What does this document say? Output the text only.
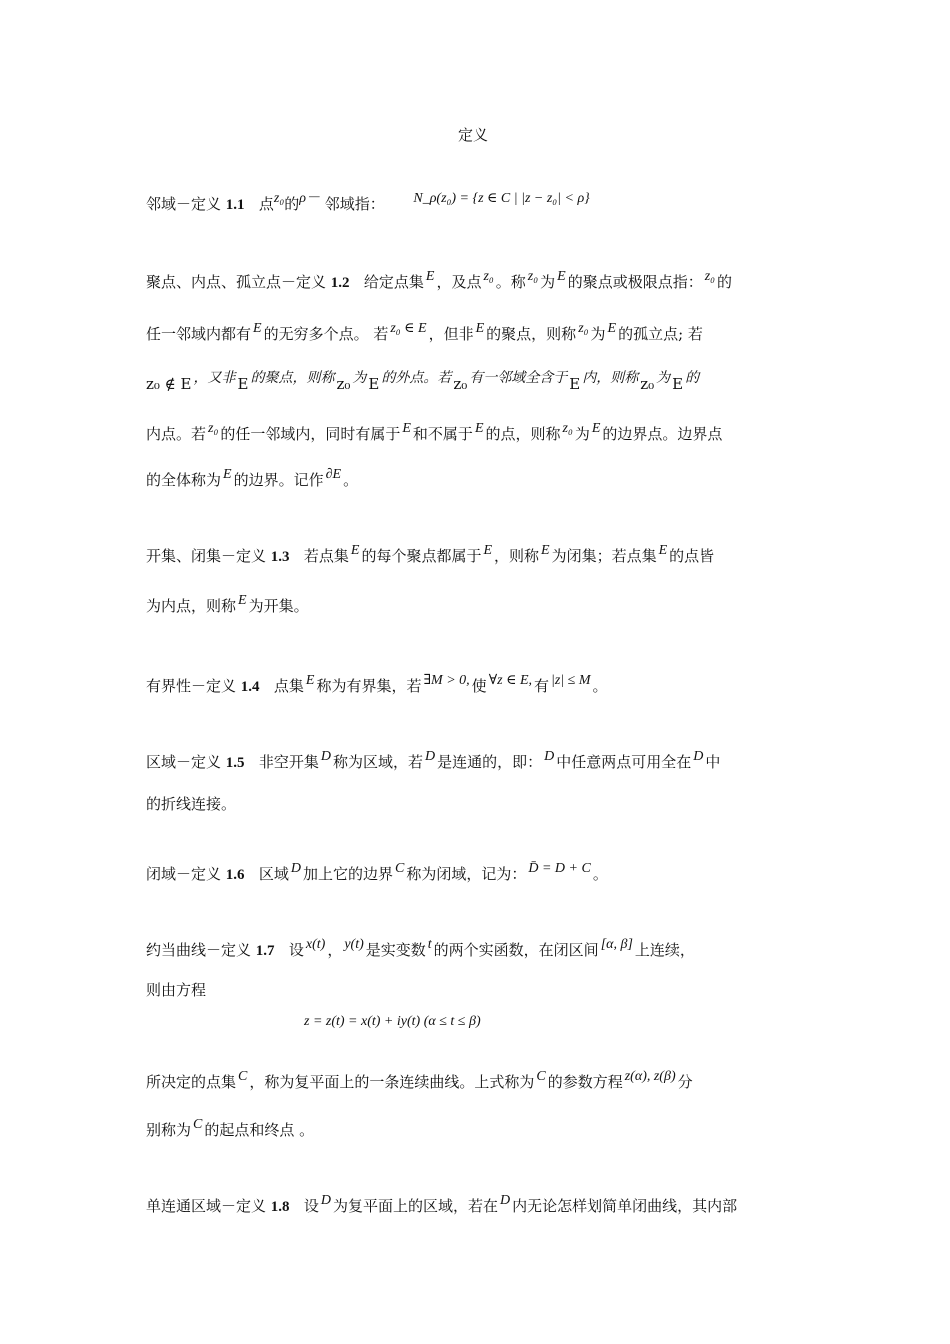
定义
邻域－定义 1.1 点z₀的ρ－ 邻域指： N_ρ(z₀) = {z ∈ C | |z − z₀| < ρ}
聚点、内点、孤立点－定义 1.2 给定点集 E ，及点 z₀ 。称 z₀ 为 E 的聚点或极限点指： z₀ 的
任一邻域内都有 E 的无穷多个点。 若 z₀ ∈ E ，但非 E 的聚点，则称 z₀ 为 E 的孤立点; 若
z₀ ∉ E ，又非 E 的聚点，则称 z₀ 为 E 的外点。若 z₀ 有一邻域全含于 E 内，则称 z₀ 为 E 的
内点。若 z₀ 的任一邻域内，同时有属于 E 和不属于 E 的点，则称 z₀ 为 E 的边界点。边界点
的全体称为 E 的边界。记作 ∂E 。
开集、闭集－定义 1.3 若点集 E 的每个聚点都属于 E ，则称 E 为闭集；若点集 E 的点皆
为内点，则称 E 为开集。
有界性－定义 1.4 点集 E 称为有界集，若 ∃M > 0, 使 ∀z ∈ E, 有 |z| ≤ M 。
区域－定义 1.5 非空开集 D 称为区域，若 D 是连通的，即： D 中任意两点可用全在 D 中
的折线连接。
闭域－定义 1.6 区域 D 加上它的边界 C 称为闭域，记为： D̄ = D + C 。
约当曲线－定义 1.7 设 x(t) ， y(t) 是实变数 t 的两个实函数，在闭区间 [α, β] 上连续，
则由方程
z = z(t) = x(t) + iy(t) (α ≤ t ≤ β)
所决定的点集 C ，称为复平面上的一条连续曲线。上式称为 C 的参数方程 z(α), z(β) 分
别称为 C 的起点和终点 。
单连通区域－定义 1.8 设 D 为复平面上的区域，若在 D 内无论怎样划简单闭曲线，其内部
